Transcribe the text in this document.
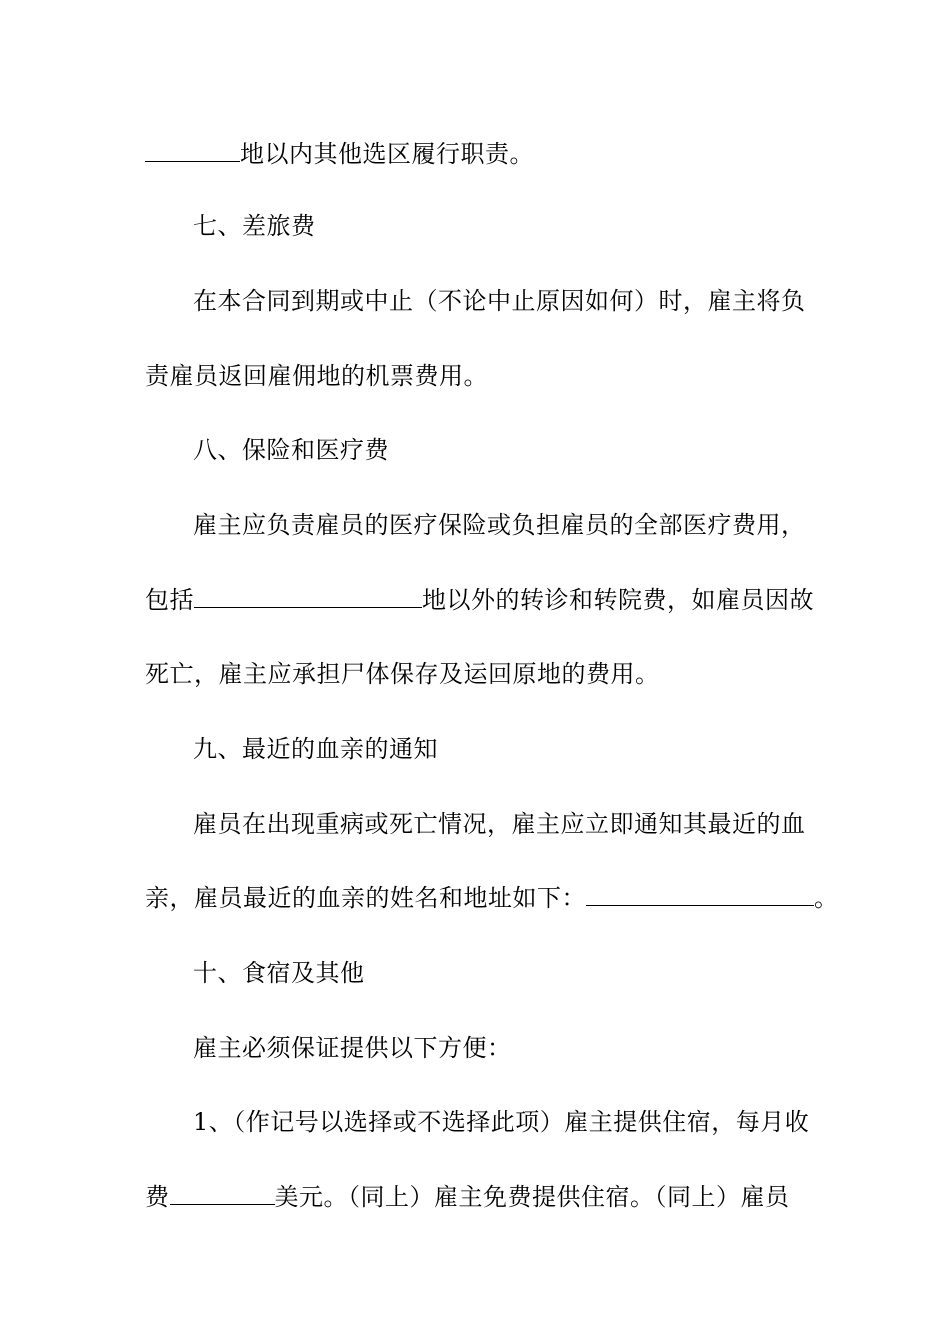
地以内其他选区履行职责。
七、差旅费
在本合同到期或中止（不论中止原因如何）时，雇主将负
责雇员返回雇佣地的机票费用。
八、保险和医疗费
雇主应负责雇员的医疗保险或负担雇员的全部医疗费用，
包括	地以外的转诊和转院费，如雇员因故
死亡，雇主应承担尸体保存及运回原地的费用。
九、最近的血亲的通知
雇员在出现重病或死亡情况，雇主应立即通知其最近的血
亲，雇员最近的血亲的姓名和地址如下：	。
十、食宿及其他
雇主必须保证提供以下方便：
1、（作记号以选择或不选择此项）雇主提供住宿，每月收
费	美元。（同上）雇主免费提供住宿。（同上）雇员
